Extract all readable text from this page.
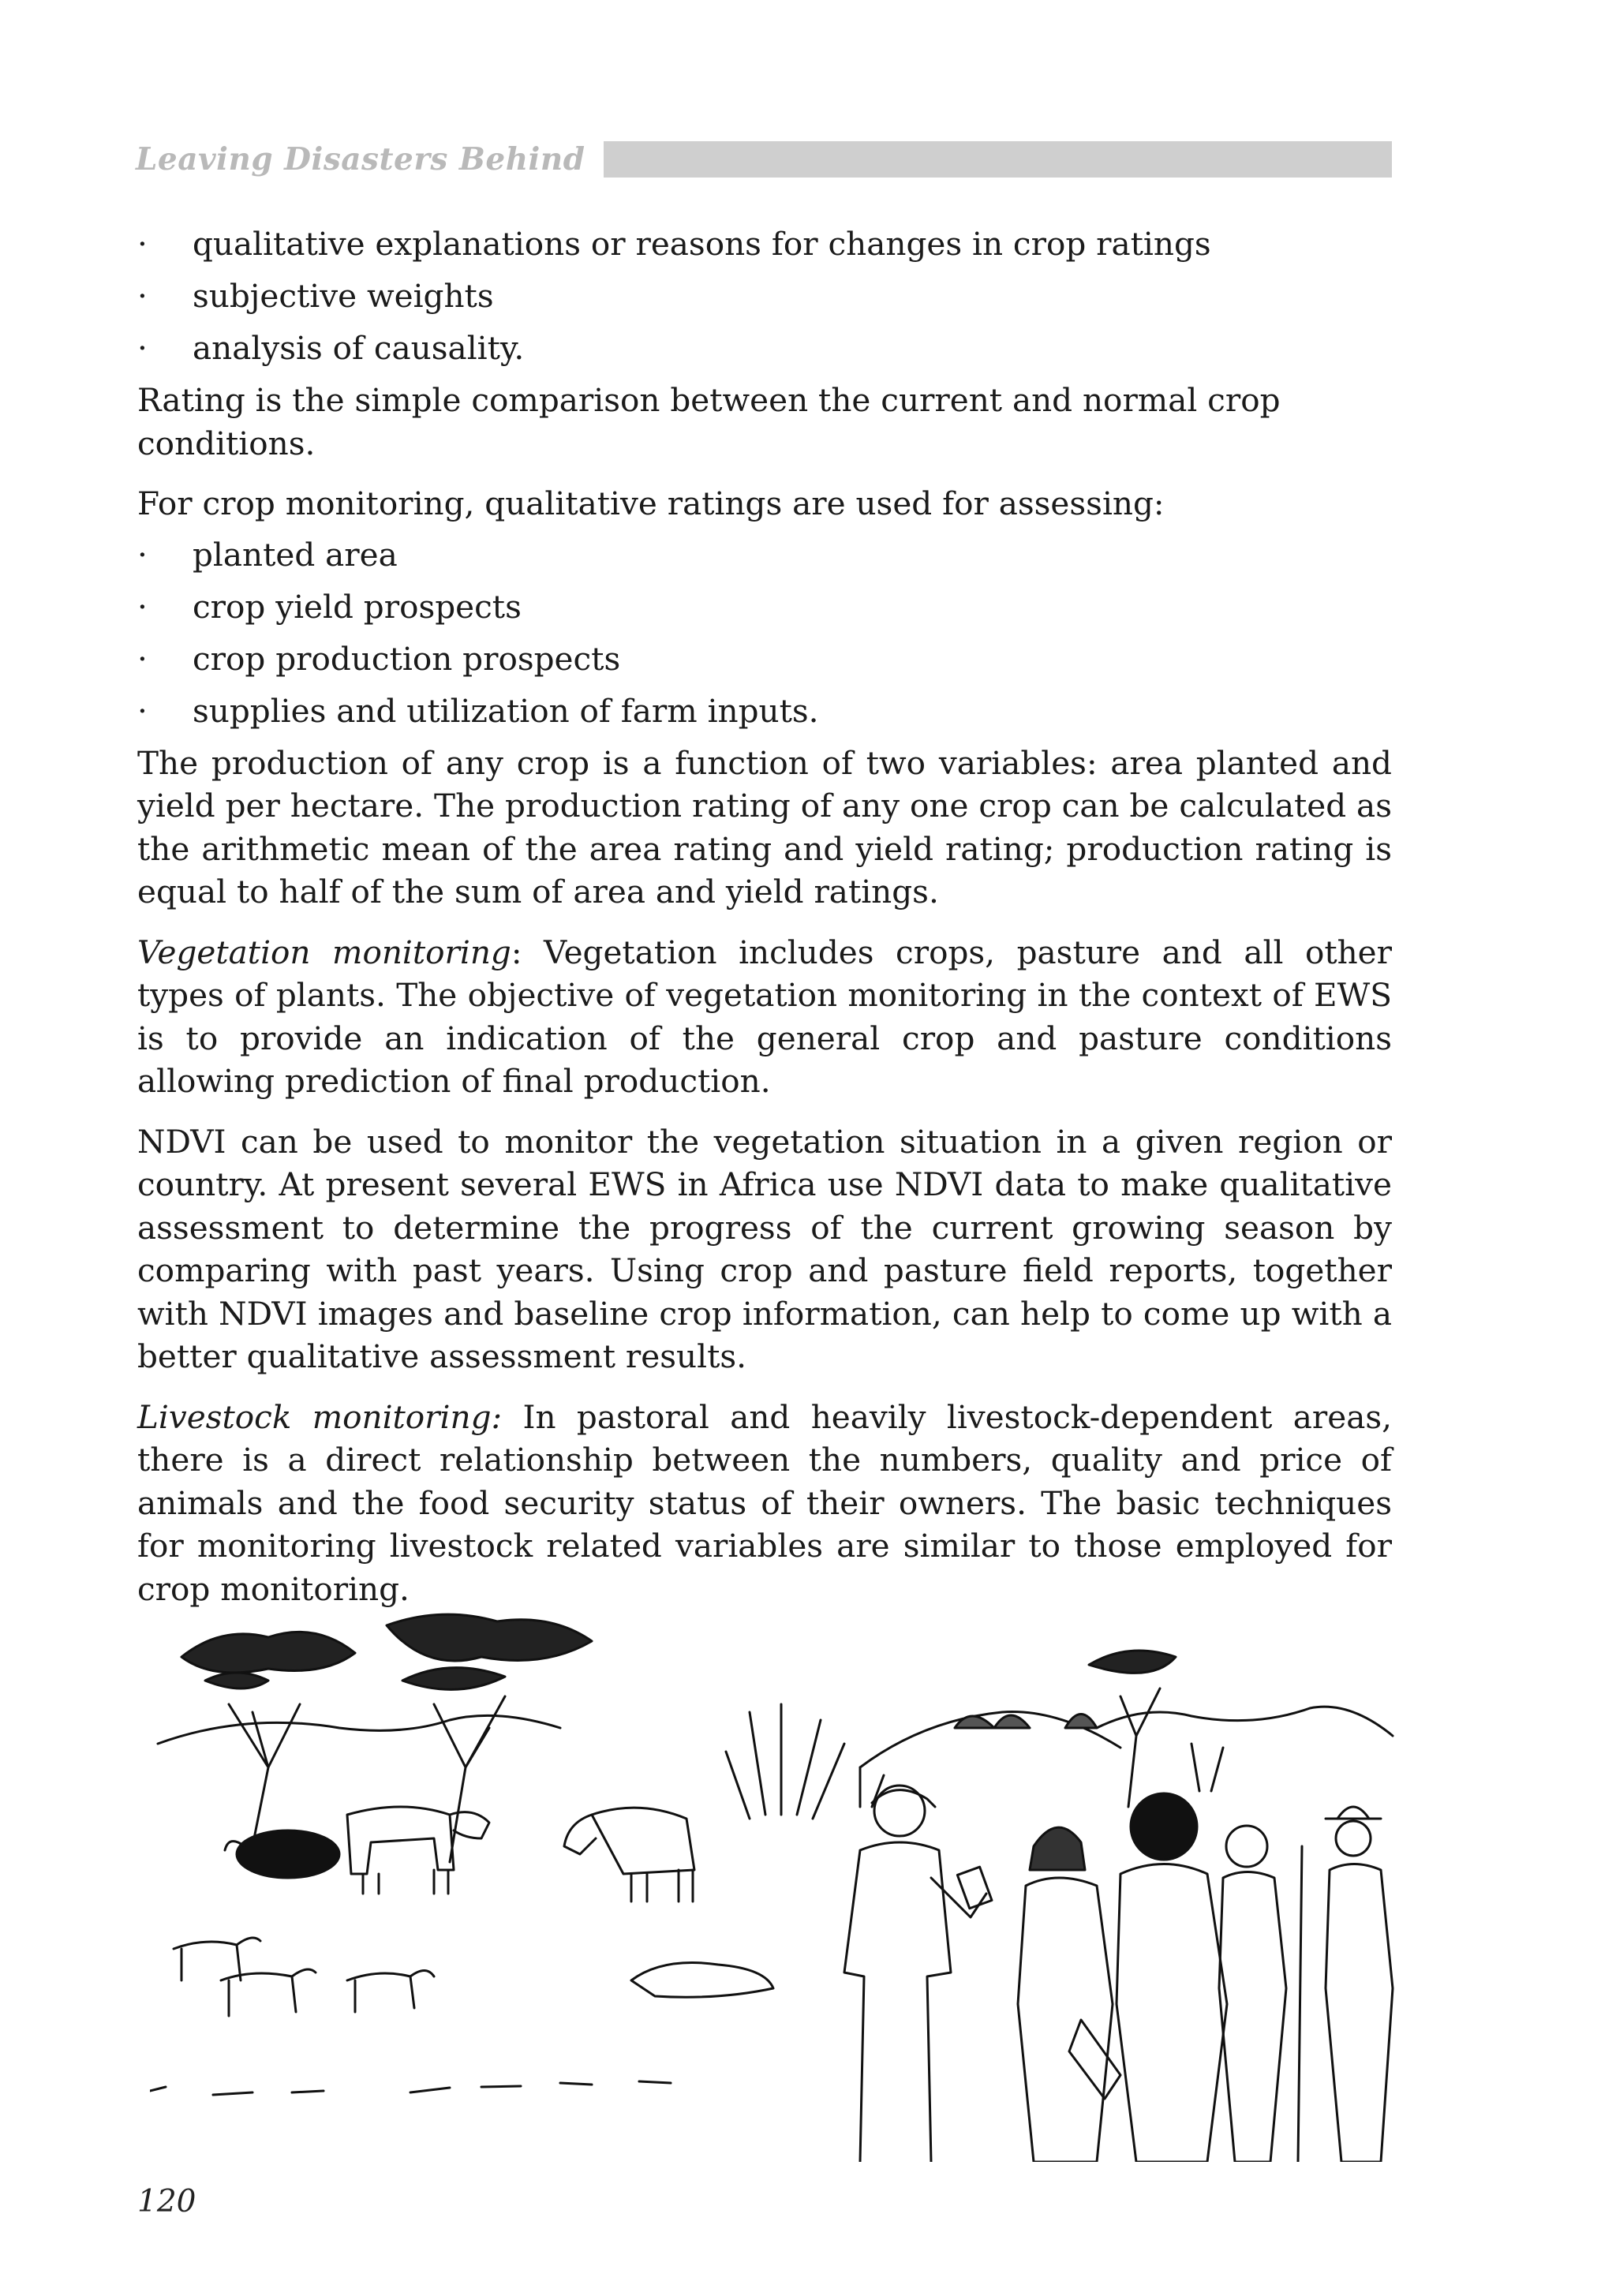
Leaving Disasters Behind
· qualitative explanations or reasons for changes in crop ratings
· subjective weights
· analysis of causality.

Rating is the simple comparison between the current and normal crop conditions.

For crop monitoring, qualitative ratings are used for assessing:

· planted area
· crop yield prospects
· crop production prospects
· supplies and utilization of farm inputs.

The production of any crop is a function of two variables: area planted and yield per hectare. The production rating of any one crop can be calculated as the arithmetic mean of the area rating and yield rating; production rating is equal to half of the sum of area and yield ratings.

Vegetation monitoring: Vegetation includes crops, pasture and all other types of plants. The objective of vegetation monitoring in the context of EWS is to provide an indication of the general crop and pasture conditions allowing prediction of final production.

NDVI can be used to monitor the vegetation situation in a given region or country. At present several EWS in Africa use NDVI data to make qualitative assessment to determine the progress of the current growing season by comparing with past years. Using crop and pasture field reports, together with NDVI images and baseline crop information, can help to come up with a better qualitative assessment results.

Livestock monitoring: In pastoral and heavily livestock-dependent areas, there is a direct relationship between the numbers, quality and price of animals and the food security status of their owners. The basic techniques for monitoring livestock related variables are similar to those employed for crop monitoring.

120
